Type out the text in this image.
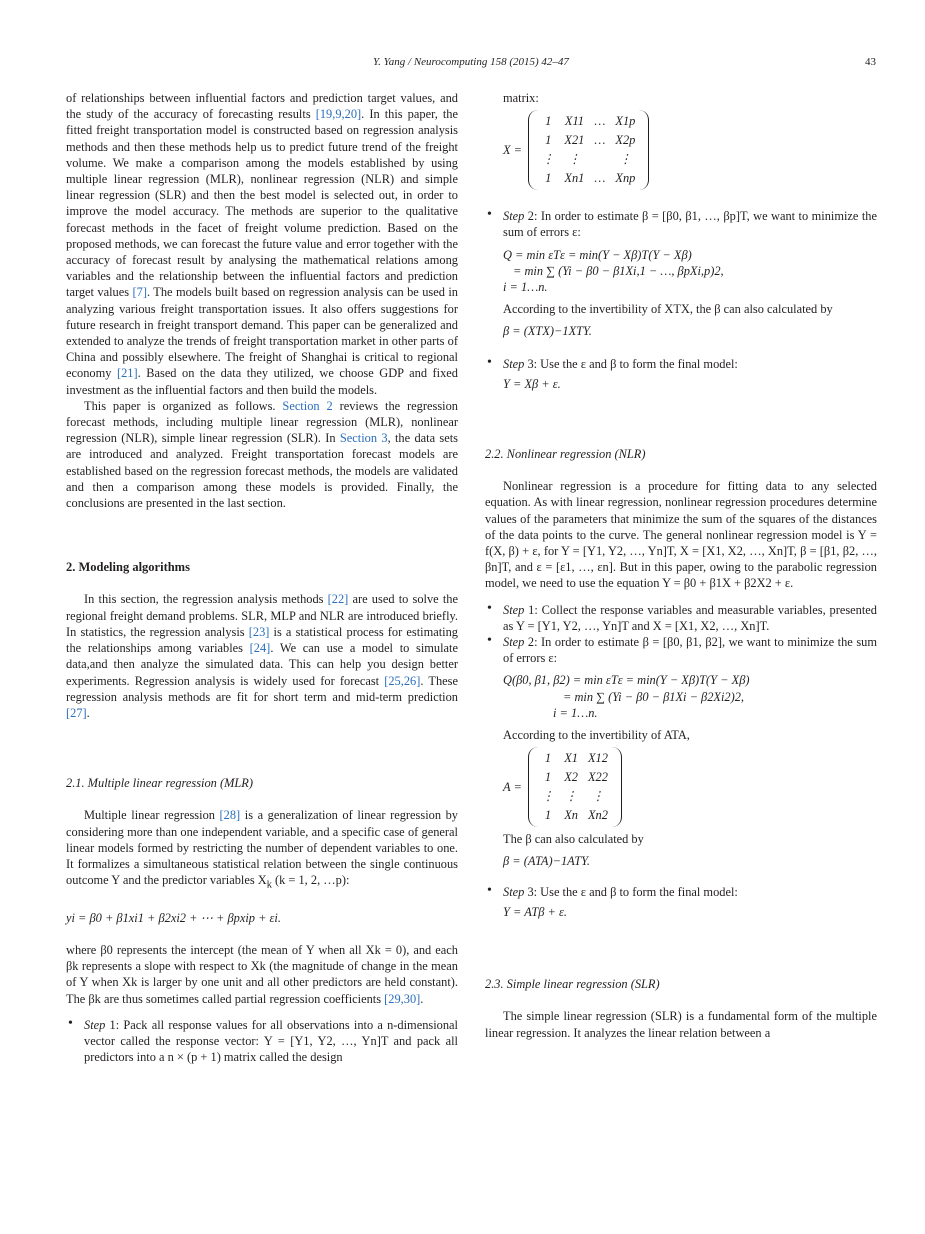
Y. Yang / Neurocomputing 158 (2015) 42–47	43

of relationships between influential factors and prediction target values, and the study of the accuracy of forecasting results [19,9,20]. In this paper, the fitted freight transportation model is constructed based on regression analysis methods and then these methods help us to predict future trend of the freight volume. We make a comparison among the models established by using multiple linear regression (MLR), nonlinear regression (NLR) and simple linear regression (SLR) and then the best model is selected out, in order to improve the model accuracy. The methods are superior to the qualitative forecast methods in the facet of freight volume prediction. Based on the proposed methods, we can forecast the future value and error together with the accuracy of forecast result by analysing the mathematical relations among variables and the relationship between the influential factors and prediction target values [7]. The models built based on regression analysis can be used in analyzing various freight transportation issues. It also offers suggestions for future research in freight transport demand. This paper can be generalized and extended to analyze the trends of freight transportation market in other parts of China and possibly elsewhere. The freight of Shanghai is critical to regional economy [21]. Based on the data they utilized, we choose GDP and fixed investment as the influential factors and then build the models.

This paper is organized as follows. Section 2 reviews the regression forecast methods, including multiple linear regression (MLR), nonlinear regression (NLR), simple linear regression (SLR). In Section 3, the data sets are introduced and analyzed. Freight transportation forecast models are established based on the regression forecast methods, the models are validated and then a comparison among these models is provided. Finally, the conclusions are presented in the last section.

2. Modeling algorithms

In this section, the regression analysis methods [22] are used to solve the regional freight demand problems. SLR, MLP and NLR are introduced briefly. In statistics, the regression analysis [23] is a statistical process for estimating the relationships among variables [24]. We can use a model to simulate data,and then analyze the simulated data. This can help you design better experiments. Regression analysis is widely used for forecast [25,26]. These regression analysis methods are fit for short term and mid-term prediction [27].

2.1. Multiple linear regression (MLR)

Multiple linear regression [28] is a generalization of linear regression by considering more than one independent variable, and a specific case of general linear models formed by restricting the number of dependent variables to one. It formalizes a simultaneous statistical relation between the single continuous outcome Y and the predictor variables $X_k$ (k = 1, 2, …p):

yi = β0 + β1xi1 + β2xi2 + ⋯ + βpxip + εi.

where β0 represents the intercept (the mean of Y when all Xk = 0), and each βk represents a slope with respect to Xk (the magnitude of change in the mean of Y when Xk is larger by one unit and all other predictors are held constant). The βk are thus sometimes called partial regression coefficients [29,30].

• Step 1: Pack all response values for all observations into a n-dimensional vector called the response vector: Y = [Y1, Y2, …, Yn]T and pack all predictors into a n × (p + 1) matrix called the design

matrix:

X =
1	X11	…	X1p
1	X21	…	X2p
⋮	⋮		⋮
1	Xn1	…	Xnp

• Step 2: In order to estimate β = [β0, β1, …, βp]T, we want to minimize the sum of errors ε:

Q = min εTε = min(Y − Xβ)T(Y − Xβ)
= min ∑ (Yi − β0 − β1Xi,1 − …, βpXi,p)2,
i = 1…n.

According to the invertibility of XTX, the β can also calculated by

β = (XTX)−1XTY.

• Step 3: Use the ε and β to form the final model:

Y = Xβ + ε.

2.2. Nonlinear regression (NLR)

Nonlinear regression is a procedure for fitting data to any selected equation. As with linear regression, nonlinear regression procedures determine values of the parameters that minimize the sum of the squares of the distances of the data points to the curve. The general nonlinear regression model is Y = f(X, β) + ε, for Y = [Y1, Y2, …, Yn]T, X = [X1, X2, …, Xn]T, β = [β1, β2, …, βn]T, and ε = [ε1, …, εn]. But in this paper, owing to the parabolic regression model, we need to use the equation Y = β0 + β1X + β2X2 + ε.

• Step 1: Collect the response variables and measurable variables, presented as Y = [Y1, Y2, …, Yn]T and X = [X1, X2, …, Xn]T.

• Step 2: In order to estimate β = [β0, β1, β2], we want to minimize the sum of errors ε:

Q(β0, β1, β2) = min εTε = min(Y − Xβ)T(Y − Xβ)
= min ∑ (Yi − β0 − β1Xi − β2Xi2)2,
i = 1…n.

According to the invertibility of ATA,

A =
1	X1	X12
1	X2	X22
⋮	⋮	⋮
1	Xn	Xn2

The β can also calculated by

β = (ATA)−1ATY.

• Step 3: Use the ε and β to form the final model:

Y = ATβ + ε.

2.3. Simple linear regression (SLR)

The simple linear regression (SLR) is a fundamental form of the multiple linear regression. It analyzes the linear relation between a
